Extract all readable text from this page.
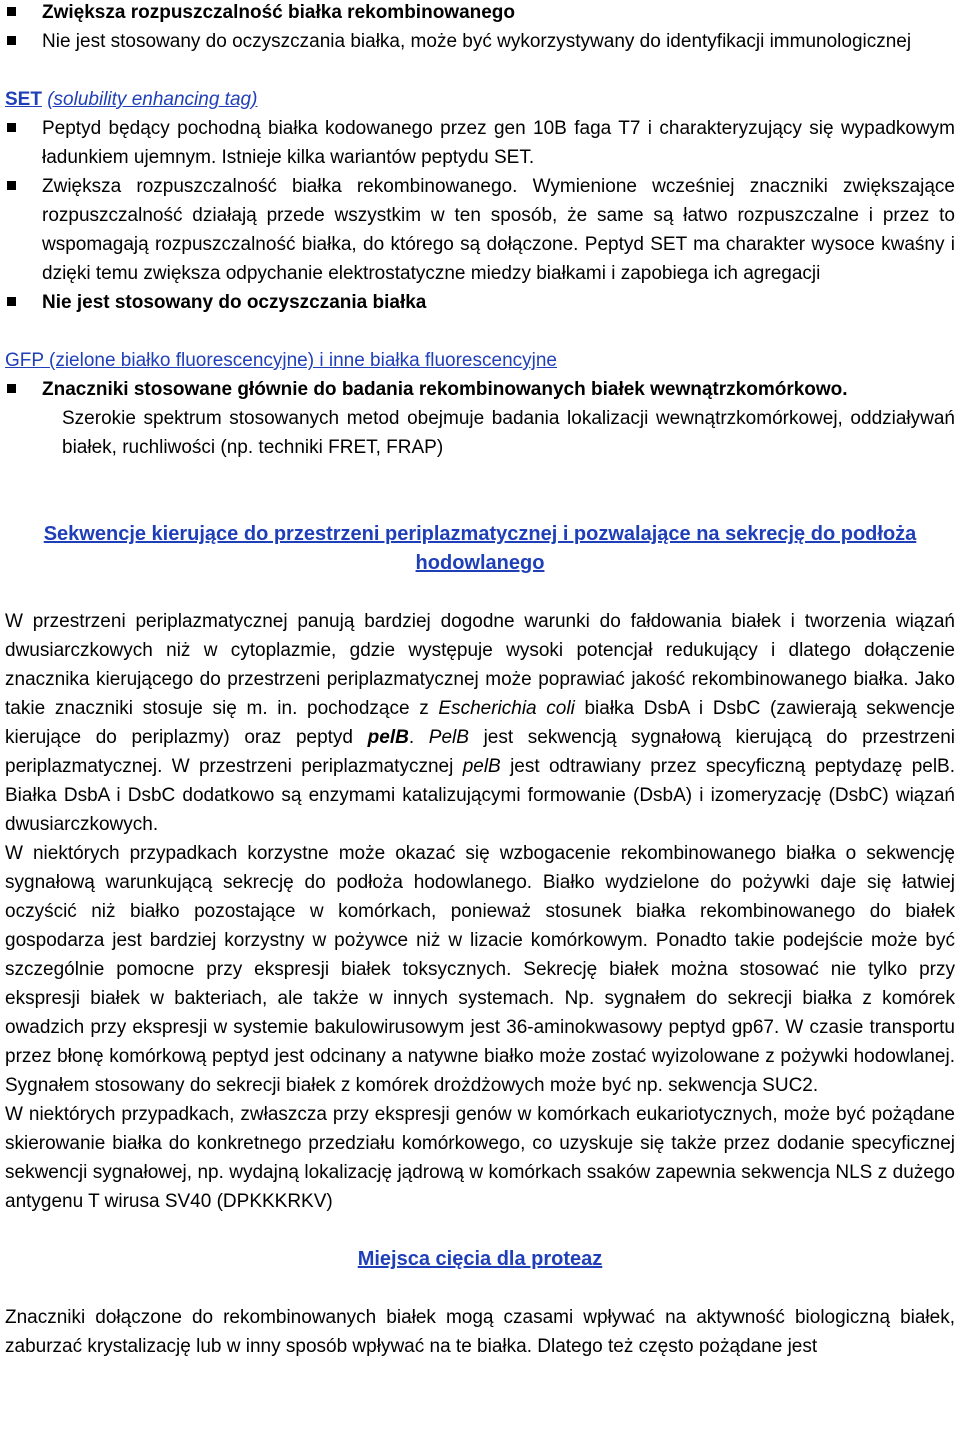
Zwiększa rozpuszczalność białka rekombinowanego
Nie jest stosowany do oczyszczania białka, może być wykorzystywany do identyfikacji immunologicznej
SET (solubility enhancing tag)
Peptyd będący pochodną białka kodowanego przez gen 10B faga T7 i charakteryzujący się wypadkowym ładunkiem ujemnym. Istnieje kilka wariantów peptydu SET.
Zwiększa rozpuszczalność białka rekombinowanego. Wymienione wcześniej znaczniki zwiększające rozpuszczalność działają przede wszystkim w ten sposób, że same są łatwo rozpuszczalne i przez to wspomagają rozpuszczalność białka, do którego są dołączone. Peptyd SET ma charakter wysoce kwaśny i dzięki temu zwiększa odpychanie elektrostatyczne miedzy białkami i zapobiega ich agregacji
Nie jest stosowany do oczyszczania białka
GFP (zielone białko fluorescencyjne) i inne białka fluorescencyjne
Znaczniki stosowane głównie do badania rekombinowanych białek wewnątrzkomórkowo.
Szerokie spektrum stosowanych metod obejmuje badania lokalizacji wewnątrzkomórkowej, oddziaływań białek, ruchliwości (np. techniki FRET, FRAP)
Sekwencje kierujące do przestrzeni periplazmatycznej i pozwalające na sekrecję do podłoża hodowlanego
W przestrzeni periplazmatycznej panują bardziej dogodne warunki do fałdowania białek i tworzenia wiązań dwusiarczkowych niż w cytoplazmie, gdzie występuje wysoki potencjał redukujący i dlatego dołączenie znacznika kierującego do przestrzeni periplazmatycznej może poprawiać jakość rekombinowanego białka. Jako takie znaczniki stosuje się m. in. pochodzące z Escherichia coli białka DsbA i DsbC (zawierają sekwencje kierujące do periplazmy) oraz peptyd pelB. PelB jest sekwencją sygnałową kierującą do przestrzeni periplazmatycznej. W przestrzeni periplazmatycznej pelB jest odtrawiany przez specyficzną peptydazę pelB. Białka DsbA i DsbC dodatkowo są enzymami katalizującymi formowanie (DsbA) i izomeryzację (DsbC) wiązań dwusiarczkowych.
W niektórych przypadkach korzystne może okazać się wzbogacenie rekombinowanego białka o sekwencję sygnałową warunkującą sekrecję do podłoża hodowlanego. Białko wydzielone do pożywki daje się łatwiej oczyścić niż białko pozostające w komórkach, ponieważ stosunek białka rekombinowanego do białek gospodarza jest bardziej korzystny w pożywce niż w lizacie komórkowym. Ponadto takie podejście może być szczególnie pomocne przy ekspresji białek toksycznych. Sekrecję białek można stosować nie tylko przy ekspresji białek w bakteriach, ale także w innych systemach. Np. sygnałem do sekrecji białka z komórek owadzich przy ekspresji w systemie bakulowirusowym jest 36-aminokwasowy peptyd gp67. W czasie transportu przez błonę komórkową peptyd jest odcinany a natywne białko może zostać wyizolowane z pożywki hodowlanej. Sygnałem stosowany do sekrecji białek z komórek drożdżowych może być np. sekwencja SUC2.
W niektórych przypadkach, zwłaszcza przy ekspresji genów w komórkach eukariotycznych, może być pożądane skierowanie białka do konkretnego przedziału komórkowego, co uzyskuje się także przez dodanie specyficznej sekwencji sygnałowej, np. wydajną lokalizację jądrową w komórkach ssaków zapewnia sekwencja NLS z dużego antygenu T wirusa SV40 (DPKKKRKV)
Miejsca cięcia dla proteaz
Znaczniki dołączone do rekombinowanych białek mogą czasami wpływać na aktywność biologiczną białek, zaburzać krystalizację lub w inny sposób wpływać na te białka. Dlatego też często pożądane jest
